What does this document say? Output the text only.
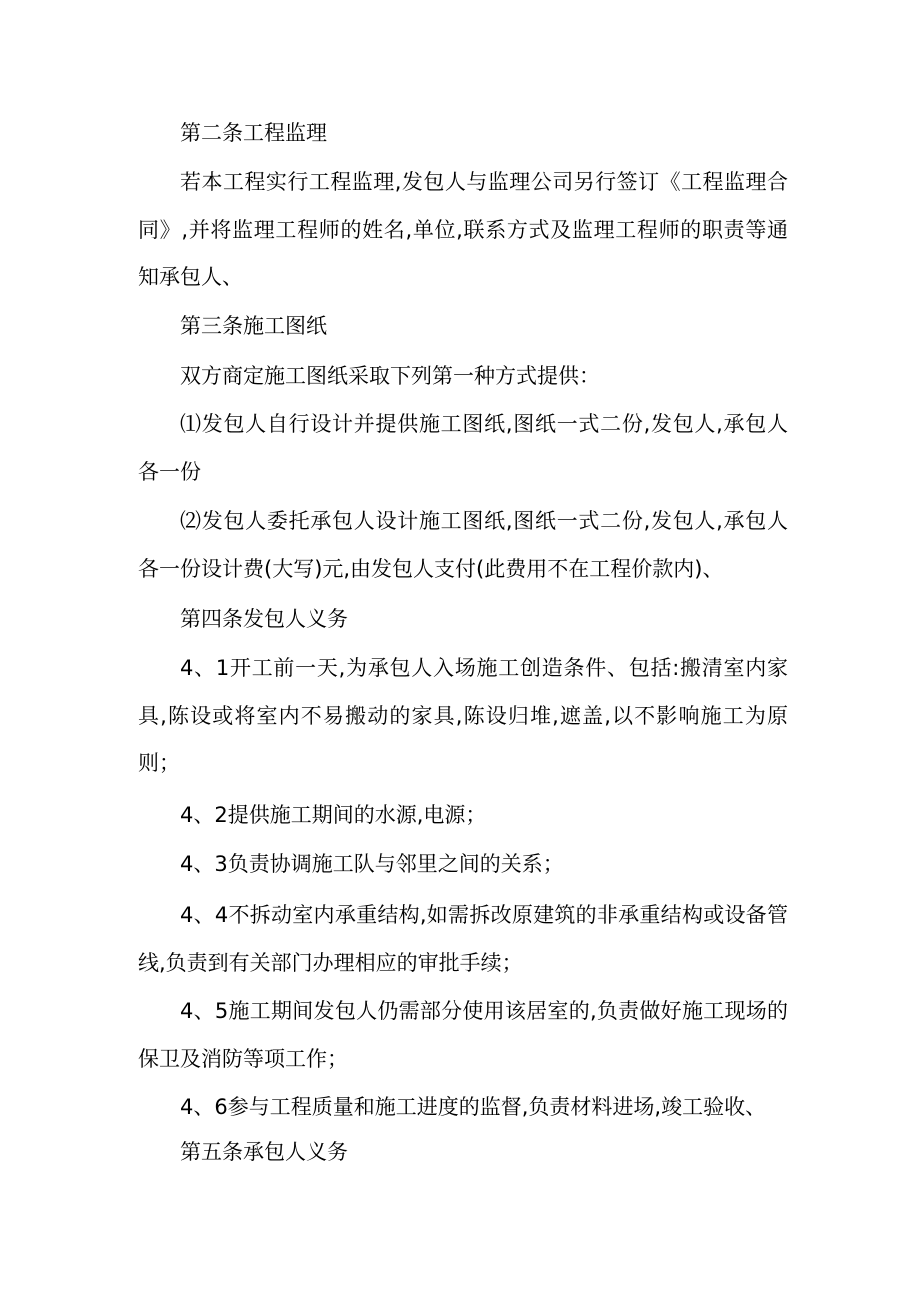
第二条工程监理

若本工程实行工程监理,发包人与监理公司另行签订《工程监理合同》,并将监理工程师的姓名,单位,联系方式及监理工程师的职责等通知承包人、

第三条施工图纸

双方商定施工图纸采取下列第一种方式提供：

⑴发包人自行设计并提供施工图纸,图纸一式二份,发包人,承包人各一份

⑵发包人委托承包人设计施工图纸,图纸一式二份,发包人,承包人各一份设计费(大写)元,由发包人支付(此费用不在工程价款内)、

第四条发包人义务

4、1开工前一天,为承包人入场施工创造条件、包括:搬清室内家具,陈设或将室内不易搬动的家具,陈设归堆,遮盖,以不影响施工为原则；

4、2提供施工期间的水源,电源；

4、3负责协调施工队与邻里之间的关系；

4、4不拆动室内承重结构,如需拆改原建筑的非承重结构或设备管线,负责到有关部门办理相应的审批手续；

4、5施工期间发包人仍需部分使用该居室的,负责做好施工现场的保卫及消防等项工作；

4、6参与工程质量和施工进度的监督,负责材料进场,竣工验收、

第五条承包人义务
